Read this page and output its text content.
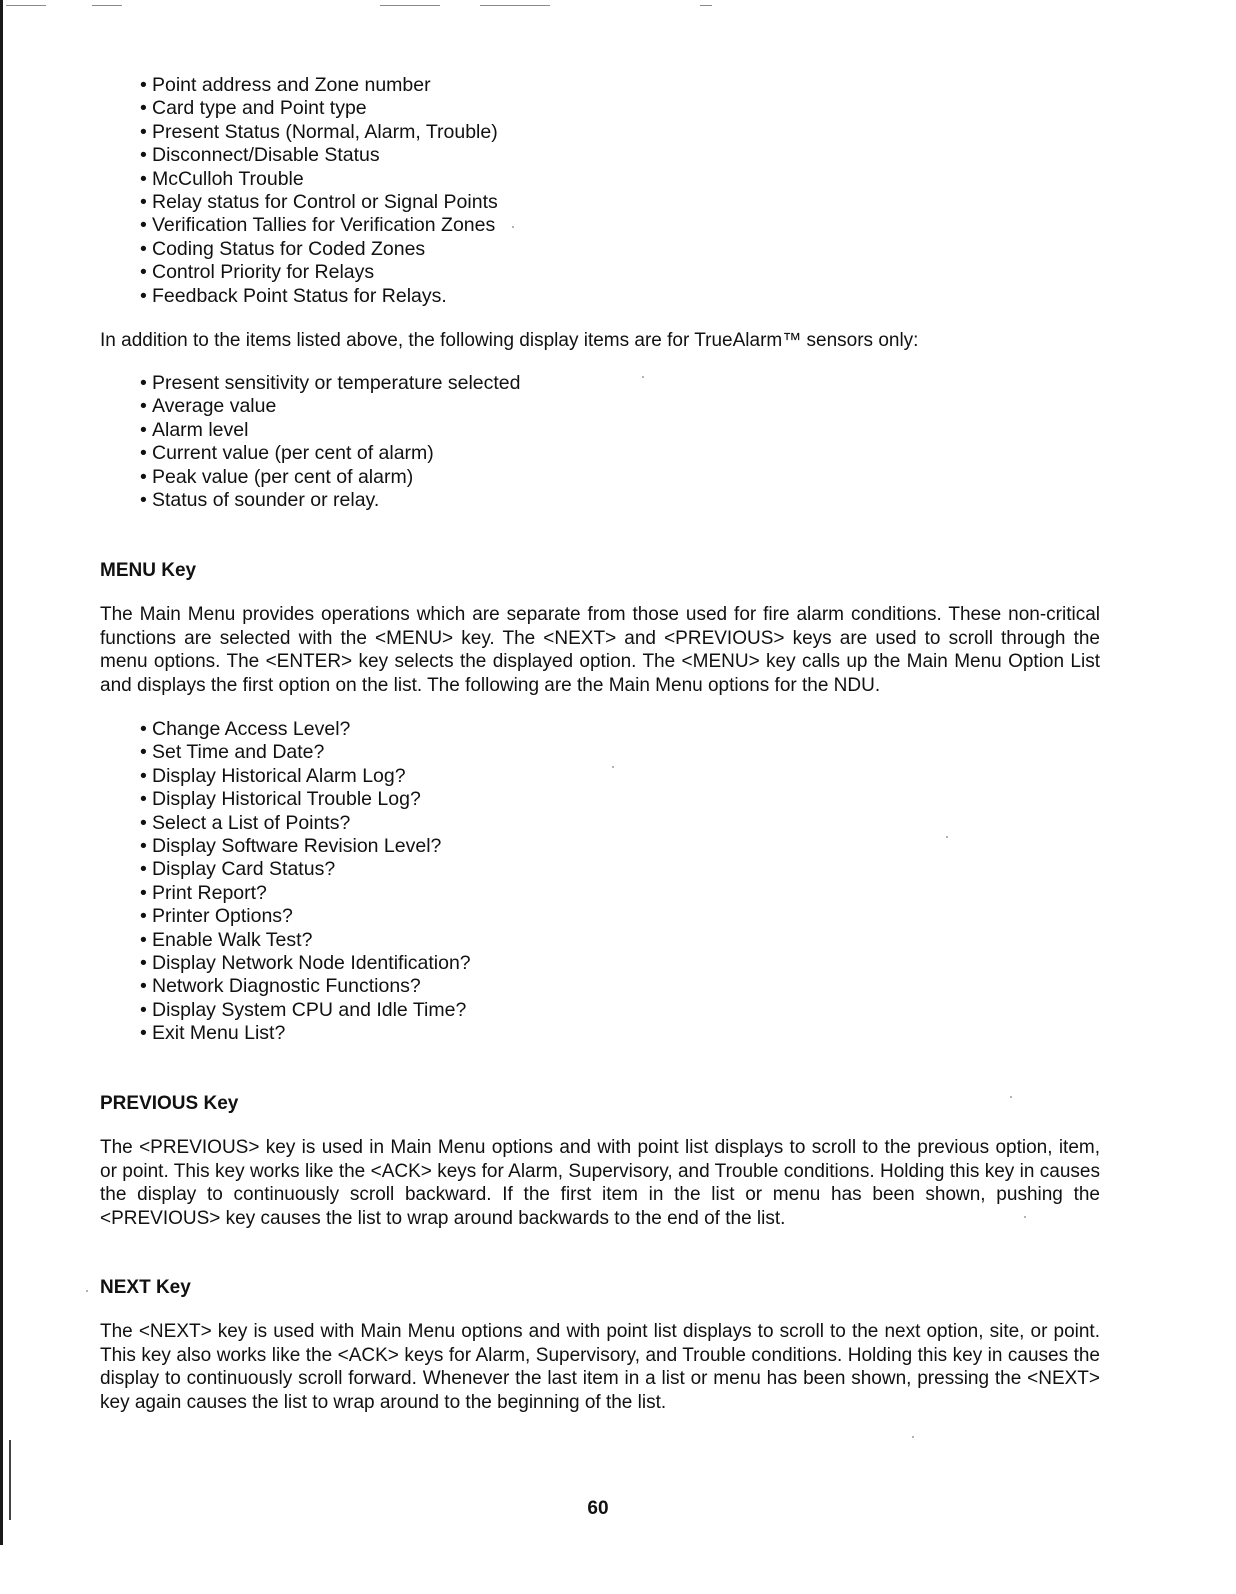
• Point address and Zone number
• Card type and Point type
• Present Status (Normal, Alarm, Trouble)
• Disconnect/Disable Status
• McCulloh Trouble
• Relay status for Control or Signal Points
• Verification Tallies for Verification Zones
• Coding Status for Coded Zones
• Control Priority for Relays
• Feedback Point Status for Relays.

In addition to the items listed above, the following display items are for TrueAlarm™ sensors only:

• Present sensitivity or temperature selected
• Average value
• Alarm level
• Current value (per cent of alarm)
• Peak value (per cent of alarm)
• Status of sounder or relay.
MENU Key

The Main Menu provides operations which are separate from those used for fire alarm conditions. These non-critical functions are selected with the <MENU> key. The <NEXT> and <PREVIOUS> keys are used to scroll through the menu options. The <ENTER> key selects the displayed option. The <MENU> key calls up the Main Menu Option List and displays the first option on the list. The following are the Main Menu options for the NDU.

• Change Access Level?
• Set Time and Date?
• Display Historical Alarm Log?
• Display Historical Trouble Log?
• Select a List of Points?
• Display Software Revision Level?
• Display Card Status?
• Print Report?
• Printer Options?
• Enable Walk Test?
• Display Network Node Identification?
• Network Diagnostic Functions?
• Display System CPU and Idle Time?
• Exit Menu List?
PREVIOUS Key

The <PREVIOUS> key is used in Main Menu options and with point list displays to scroll to the previous option, item, or point. This key works like the <ACK> keys for Alarm, Supervisory, and Trouble conditions. Holding this key in causes the display to continuously scroll backward. If the first item in the list or menu has been shown, pushing the <PREVIOUS> key causes the list to wrap around backwards to the end of the list.

NEXT Key

The <NEXT> key is used with Main Menu options and with point list displays to scroll to the next option, site, or point. This key also works like the <ACK> keys for Alarm, Supervisory, and Trouble conditions. Holding this key in causes the display to continuously scroll forward. Whenever the last item in a list or menu has been shown, pressing the <NEXT> key again causes the list to wrap around to the beginning of the list.

60
